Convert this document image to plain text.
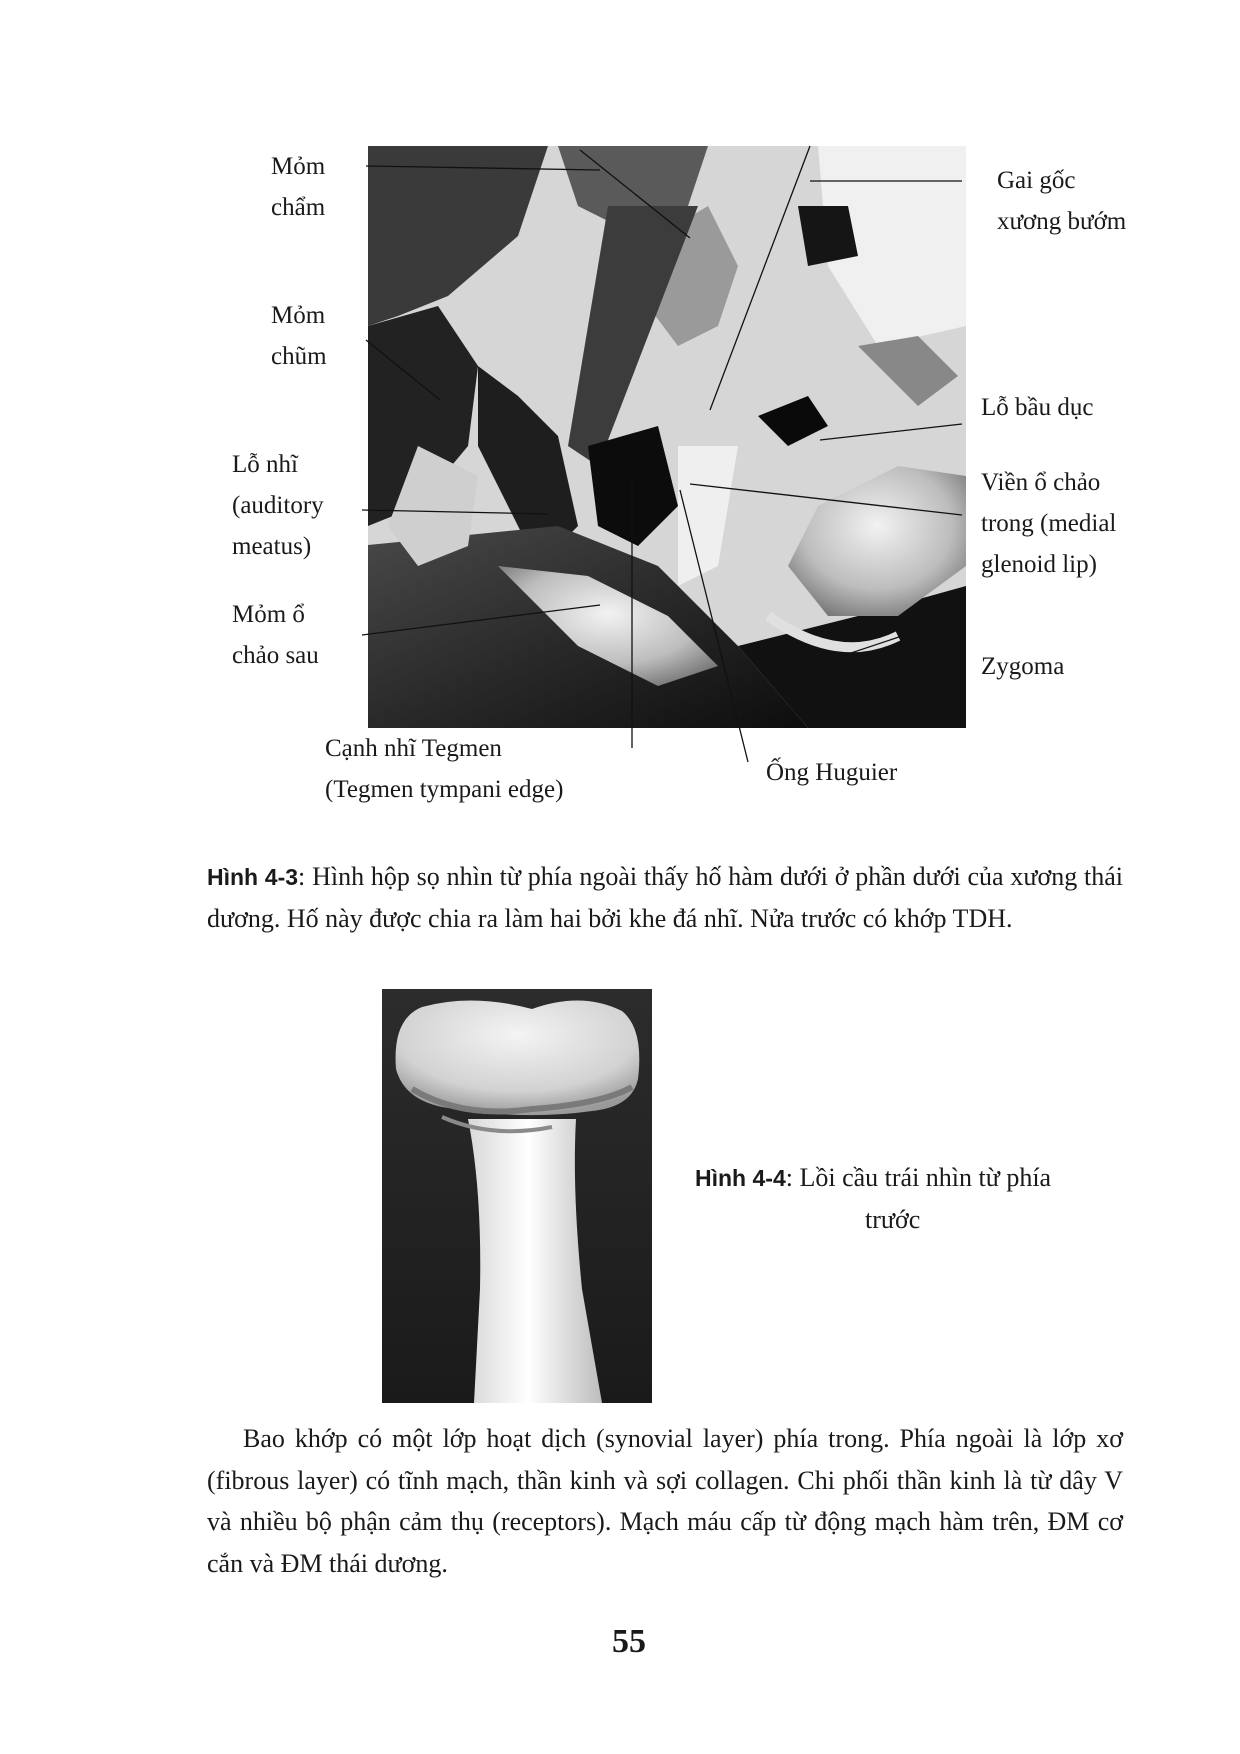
Mỏm
chẩm
Mỏm
chũm
Lỗ nhĩ
(auditory
meatus)
Mỏm ổ
chảo sau
Gai gốc
xương bướm
Lỗ bầu dục
Viền ổ chảo
trong (medial
glenoid lip)
Zygoma
Cạnh nhĩ Tegmen
(Tegmen tympani edge)
Ống Huguier
Hình 4-3: Hình hộp sọ nhìn từ phía ngoài thấy hố hàm dưới ở phần dưới của xương thái dương. Hố này được chia ra làm hai bởi khe đá nhĩ. Nửa trước có khớp TDH.
Hình 4-4: Lồi cầu trái nhìn từ phía
trước
Bao khớp có một lớp hoạt dịch (synovial layer) phía trong. Phía ngoài là lớp xơ (fibrous layer) có tĩnh mạch, thần kinh và sợi collagen. Chi phối thần kinh là từ dây V và nhiều bộ phận cảm thụ (receptors). Mạch máu cấp từ động mạch hàm trên, ĐM cơ cắn và ĐM thái dương.
55
